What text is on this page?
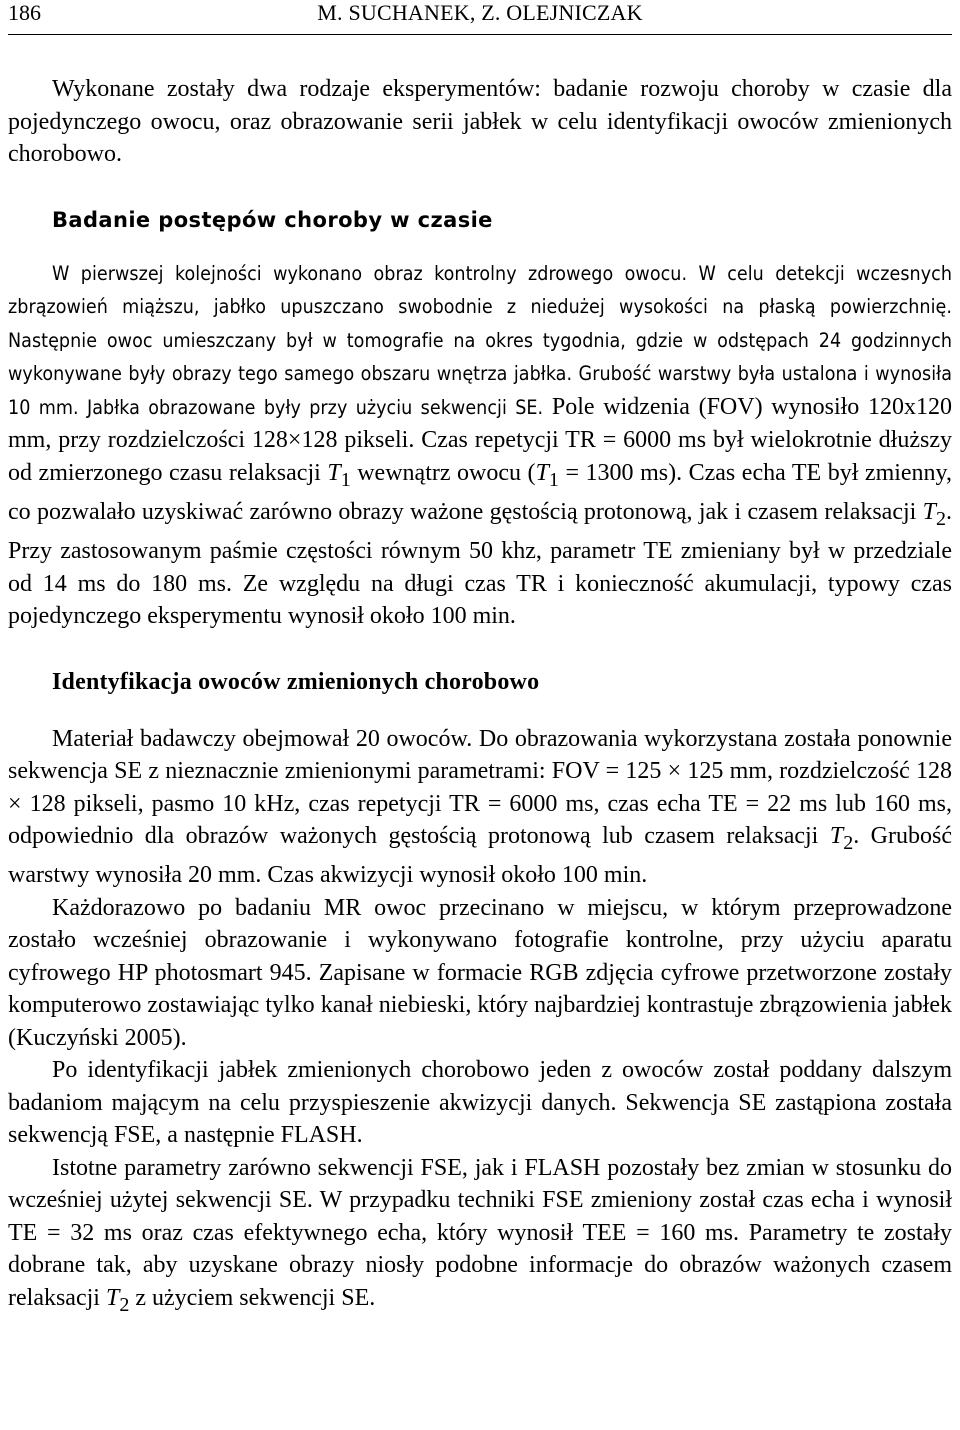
186	M. SUCHANEK, Z. OLEJNICZAK

Wykonane zostały dwa rodzaje eksperymentów: badanie rozwoju choroby w czasie dla pojedynczego owocu, oraz obrazowanie serii jabłek w celu identyfikacji owoców zmienionych chorobowo.

Badanie postępów choroby w czasie

W pierwszej kolejności wykonano obraz kontrolny zdrowego owocu. W celu detekcji wczesnych zbrązowień miąższu, jabłko upuszczano swobodnie z niedużej wysokości na płaską powierzchnię. Następnie owoc umieszczany był w tomografie na okres tygodnia, gdzie w odstępach 24 godzinnych wykonywane były obrazy tego samego obszaru wnętrza jabłka. Grubość warstwy była ustalona i wynosiła 10 mm. Jabłka obrazowane były przy użyciu sekwencji SE. Pole widzenia (FOV) wynosiło 120x120 mm, przy rozdzielczości 128×128 pikseli. Czas repetycji TR = 6000 ms był wielokrotnie dłuższy od zmierzonego czasu relaksacji $T_1$ wewnątrz owocu ($T_1 = 1300$ ms). Czas echa TE był zmienny, co pozwalało uzyskiwać zarówno obrazy ważone gęstością protonową, jak i czasem relaksacji $T_2$. Przy zastosowanym paśmie częstości równym 50 khz, parametr TE zmieniany był w przedziale od 14 ms do 180 ms. Ze względu na długi czas TR i konieczność akumulacji, typowy czas pojedynczego eksperymentu wynosił około 100 min.

Identyfikacja owoców zmienionych chorobowo

Materiał badawczy obejmował 20 owoców. Do obrazowania wykorzystana została ponownie sekwencja SE z nieznacznie zmienionymi parametrami: FOV = 125 × 125 mm, rozdzielczość 128 × 128 pikseli, pasmo 10 kHz, czas repetycji TR = 6000 ms, czas echa TE = 22 ms lub 160 ms, odpowiednio dla obrazów ważonych gęstością protonową lub czasem relaksacji $T_2$. Grubość warstwy wynosiła 20 mm. Czas akwizycji wynosił około 100 min.

Każdorazowo po badaniu MR owoc przecinano w miejscu, w którym przeprowadzone zostało wcześniej obrazowanie i wykonywano fotografie kontrolne, przy użyciu aparatu cyfrowego HP photosmart 945. Zapisane w formacie RGB zdjęcia cyfrowe przetworzone zostały komputerowo zostawiając tylko kanał niebieski, który najbardziej kontrastuje zbrązowienia jabłek (Kuczyński 2005).

Po identyfikacji jabłek zmienionych chorobowo jeden z owoców został poddany dalszym badaniom mającym na celu przyspieszenie akwizycji danych. Sekwencja SE zastąpiona została sekwencją FSE, a następnie FLASH.

Istotne parametry zarówno sekwencji FSE, jak i FLASH pozostały bez zmian w stosunku do wcześniej użytej sekwencji SE. W przypadku techniki FSE zmieniony został czas echa i wynosił TE = 32 ms oraz czas efektywnego echa, który wynosił TEE = 160 ms. Parametry te zostały dobrane tak, aby uzyskane obrazy niosły podobne informacje do obrazów ważonych czasem relaksacji $T_2$ z użyciem sekwencji SE.
